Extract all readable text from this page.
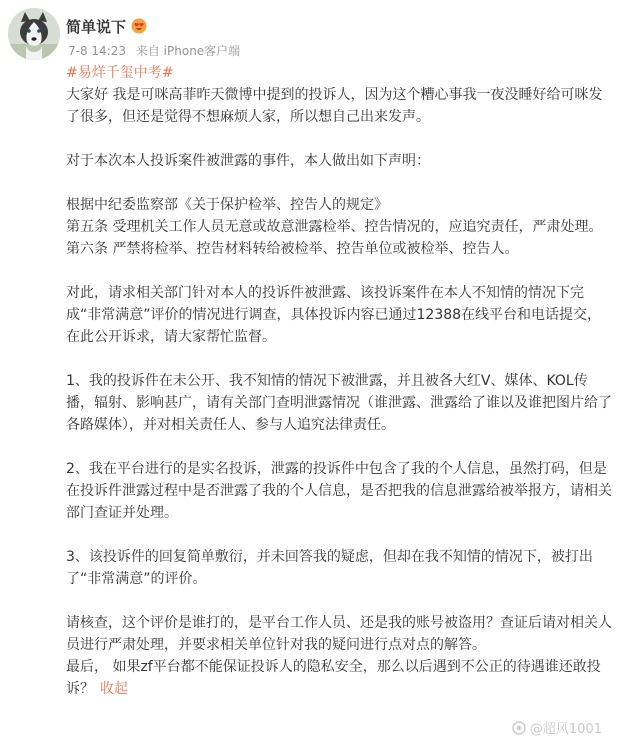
简单说下
7-8 14:23 来自 iPhone客户端
#易烊千玺中考#

大家好 我是可咪高菲昨天微博中提到的投诉人，因为这个糟心事我一夜没睡好给可咪发了很多，但还是觉得不想麻烦人家，所以想自己出来发声。

对于本次本人投诉案件被泄露的事件，本人做出如下声明：

根据中纪委监察部《关于保护检举、控告人的规定》

第五条 受理机关工作人员无意或故意泄露检举、控告情况的，应追究责任，严肃处理。

第六条 严禁将检举、控告材料转给被检举、控告单位或被检举、控告人。

对此，请求相关部门针对本人的投诉件被泄露、该投诉案件在本人不知情的情况下完成“非常满意”评价的情况进行调查，具体投诉内容已通过12388在线平台和电话提交，在此公开诉求，请大家帮忙监督。

1、我的投诉件在未公开、我不知情的情况下被泄露，并且被各大红V、媒体、KOL传播，辐射、影响甚广，请有关部门查明泄露情况（谁泄露、泄露给了谁以及谁把图片给了各路媒体），并对相关责任人、参与人追究法律责任。

2、我在平台进行的是实名投诉，泄露的投诉件中包含了我的个人信息，虽然打码，但是在投诉件泄露过程中是否泄露了我的个人信息，是否把我的信息泄露给被举报方，请相关部门查证并处理。

3、该投诉件的回复简单敷衍，并未回答我的疑虑，但却在我不知情的情况下，被打出了“非常满意”的评价。

请核查，这个评价是谁打的，是平台工作人员、还是我的账号被盗用？查证后请对相关人员进行严肃处理，并要求相关单位针对我的疑问进行点对点的解答。

最后， 如果zf平台都不能保证投诉人的隐私安全，那么以后遇到不公正的待遇谁还敢投诉？ 收起

@超风1001
